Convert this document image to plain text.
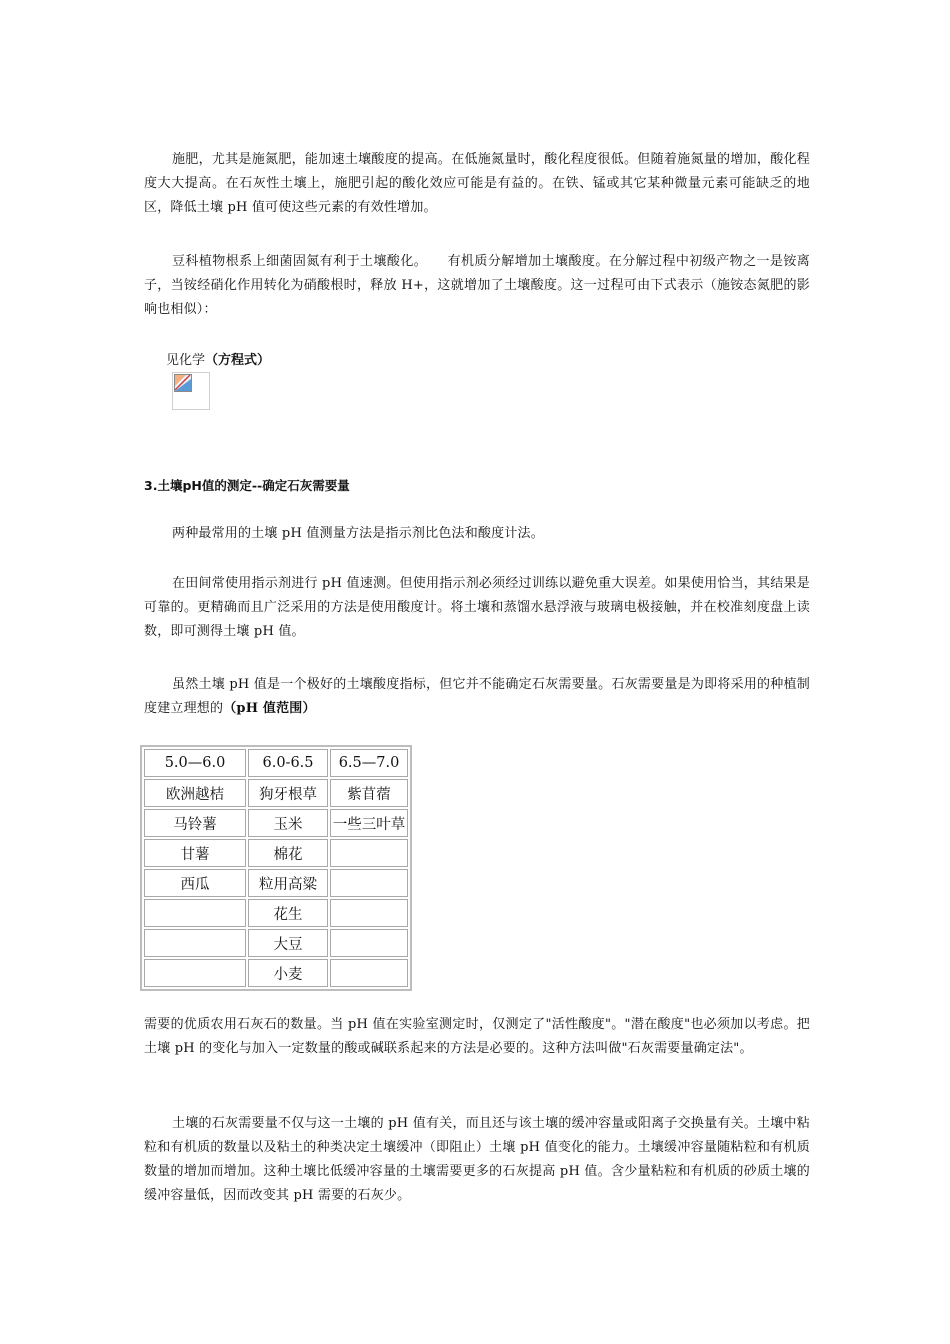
施肥，尤其是施氮肥，能加速土壤酸度的提高。在低施氮量时，酸化程度很低。但随着施氮量的增加，酸化程度大大提高。在石灰性土壤上，施肥引起的酸化效应可能是有益的。在铁、锰或其它某种微量元素可能缺乏的地区，降低土壤 pH 值可使这些元素的有效性增加。

豆科植物根系上细菌固氮有利于土壤酸化。　　有机质分解增加土壤酸度。在分解过程中初级产物之一是铵离子，当铵经硝化作用转化为硝酸根时，释放 H+，这就增加了土壤酸度。这一过程可由下式表示（施铵态氮肥的影响也相似）：

见化学（方程式）

3.土壤pH值的测定--确定石灰需要量

两种最常用的土壤 pH 值测量方法是指示剂比色法和酸度计法。

在田间常使用指示剂进行 pH 值速测。但使用指示剂必须经过训练以避免重大误差。如果使用恰当，其结果是可靠的。更精确而且广泛采用的方法是使用酸度计。将土壤和蒸馏水悬浮液与玻璃电极接触，并在校准刻度盘上读数，即可测得土壤 pH 值。

虽然土壤 pH 值是一个极好的土壤酸度指标，但它并不能确定石灰需要量。石灰需要量是为即将采用的种植制度建立理想的（pH 值范围）

5.0—6.0	6.0-6.5	6.5—7.0
欧洲越桔	狗牙根草	紫苜蓿
马铃薯	玉米	一些三叶草
甘薯	棉花	
西瓜	粒用高粱	
	花生	
	大豆	
	小麦	

需要的优质农用石灰石的数量。当 pH 值在实验室测定时，仅测定了"活性酸度"。"潜在酸度"也必须加以考虑。把土壤 pH 的变化与加入一定数量的酸或碱联系起来的方法是必要的。这种方法叫做"石灰需要量确定法"。

土壤的石灰需要量不仅与这一土壤的 pH 值有关，而且还与该土壤的缓冲容量或阳离子交换量有关。土壤中粘粒和有机质的数量以及粘土的种类决定土壤缓冲（即阻止）土壤 pH 值变化的能力。土壤缓冲容量随粘粒和有机质数量的增加而增加。这种土壤比低缓冲容量的土壤需要更多的石灰提高 pH 值。含少量粘粒和有机质的砂质土壤的缓冲容量低，因而改变其 pH 需要的石灰少。
